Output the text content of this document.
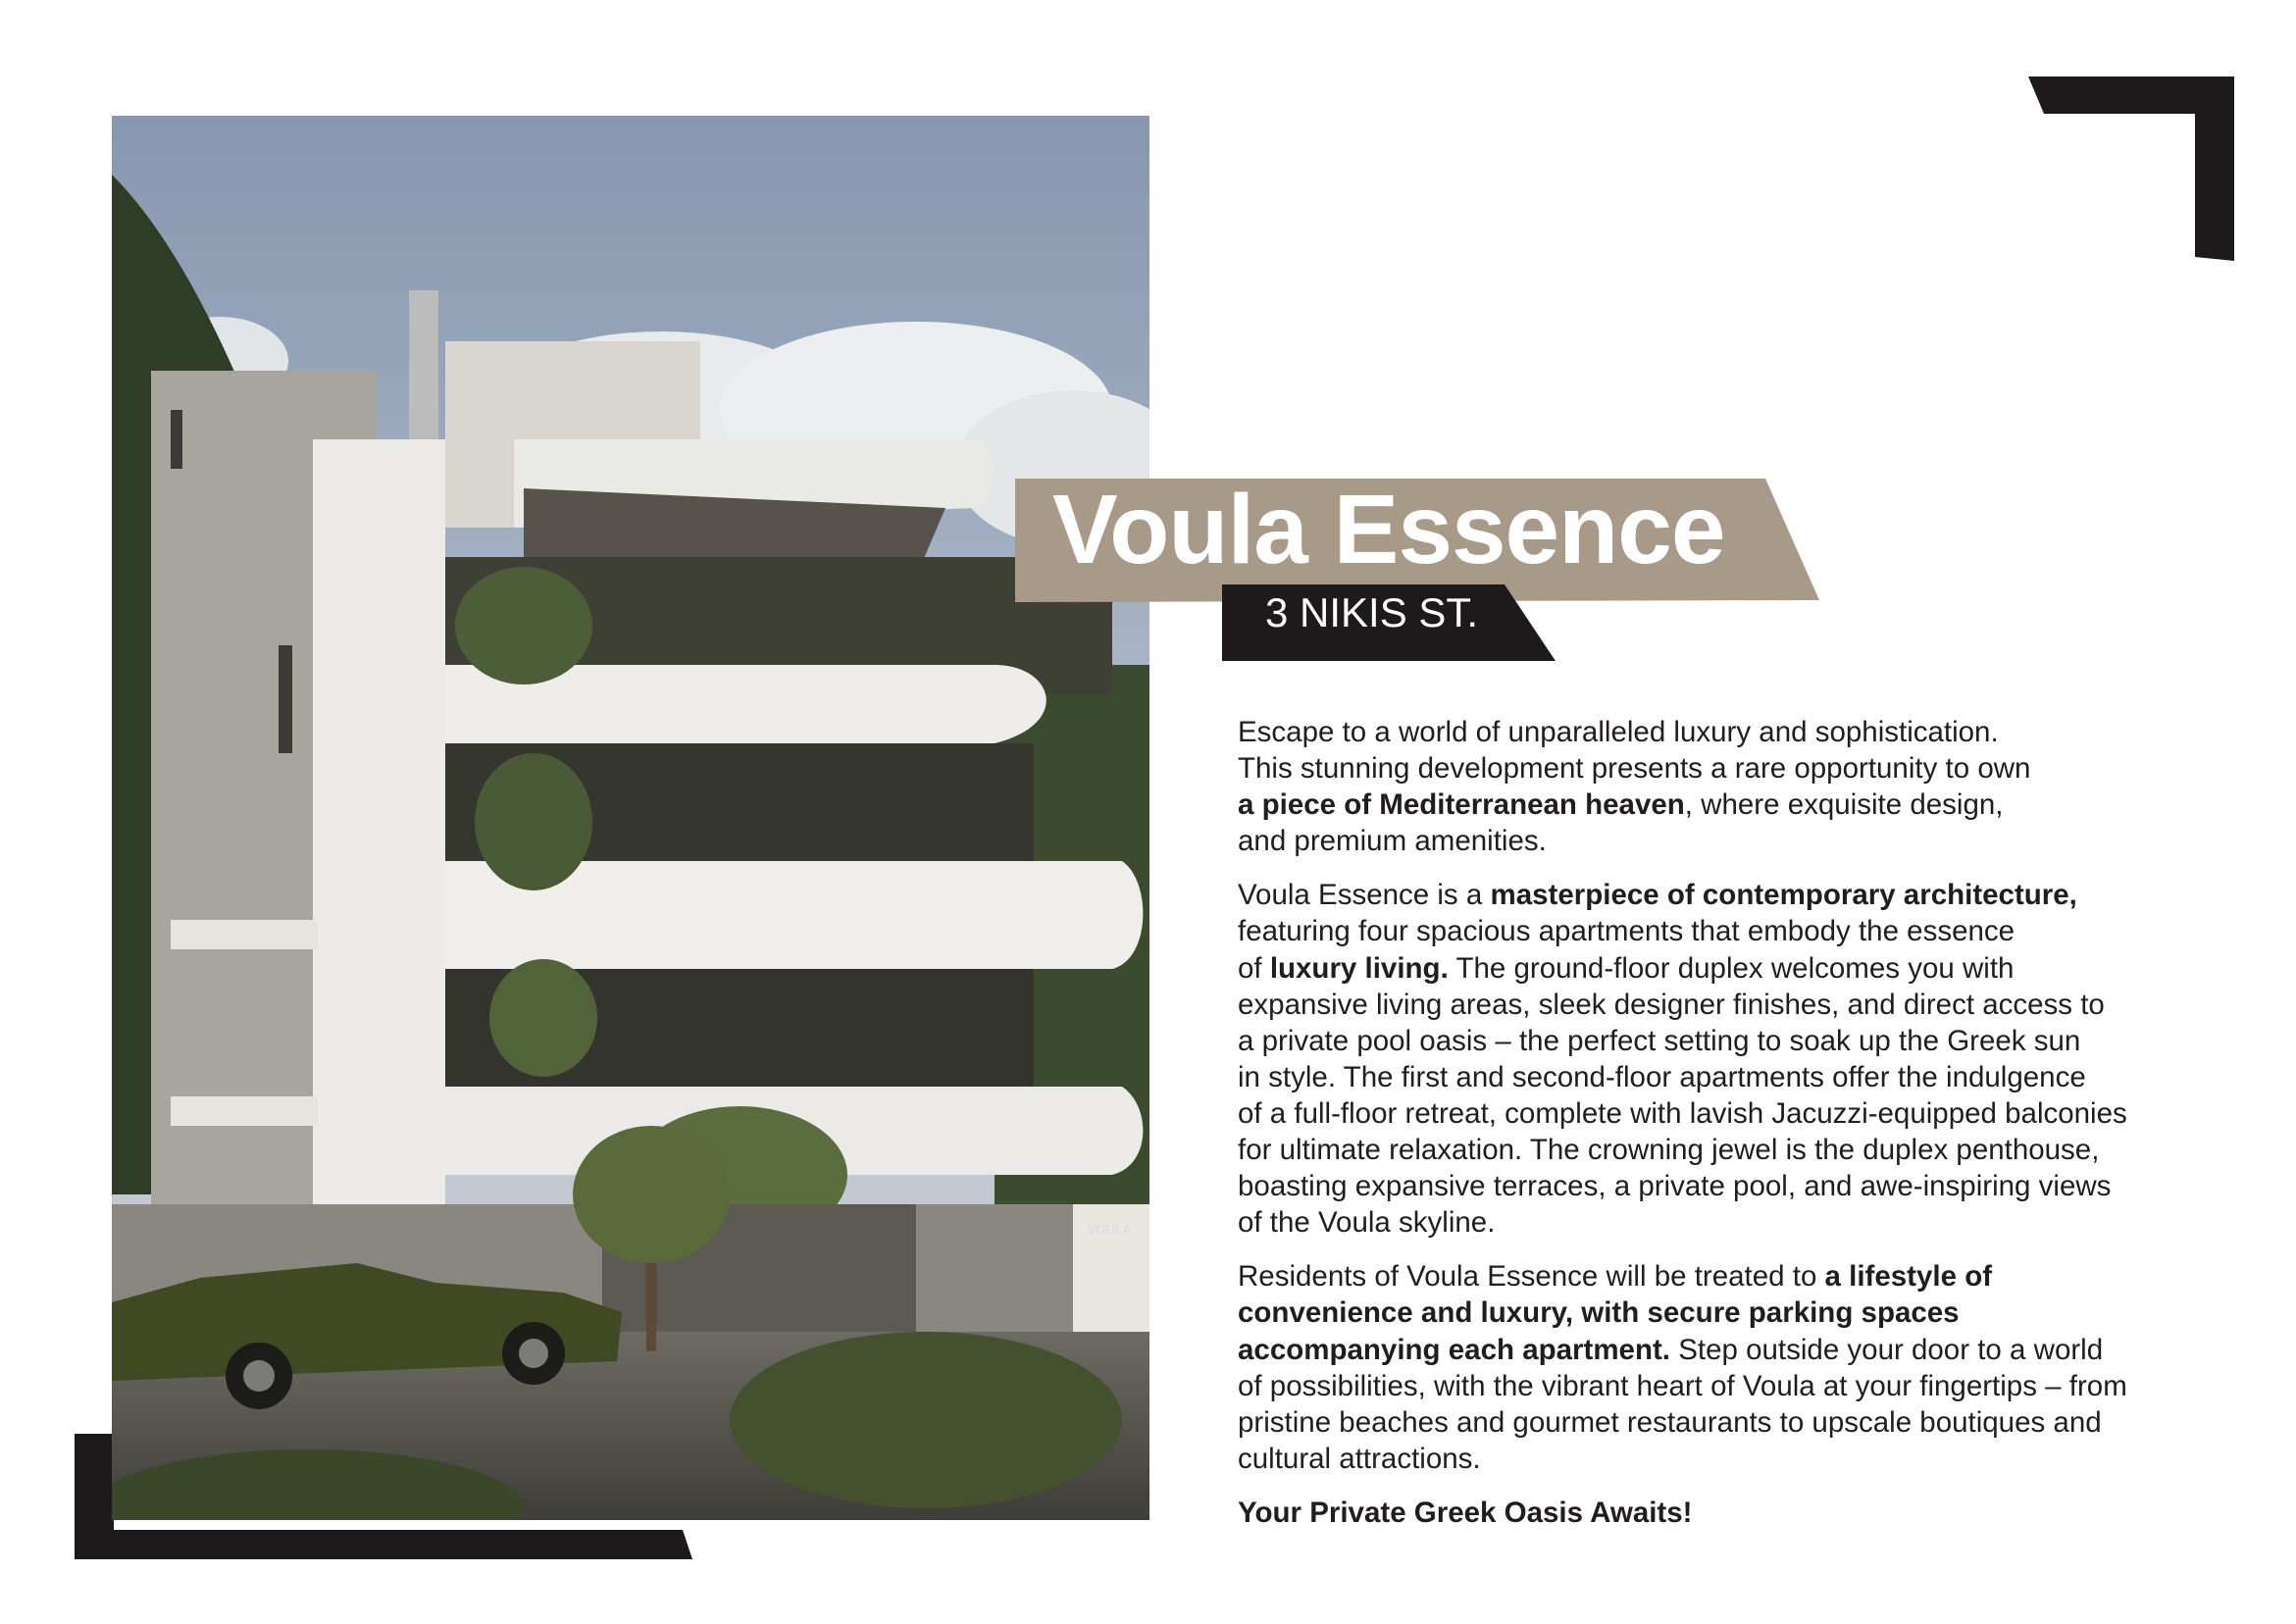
VOULA
Voula Essence
3 NIKIS ST.

Escape to a world of unparalleled luxury and sophistication.
This stunning development presents a rare opportunity to own
a piece of Mediterranean heaven, where exquisite design,
and premium amenities.

Voula Essence is a masterpiece of contemporary architecture,
featuring four spacious apartments that embody the essence
of luxury living. The ground-floor duplex welcomes you with
expansive living areas, sleek designer finishes, and direct access to
a private pool oasis – the perfect setting to soak up the Greek sun
in style. The first and second-floor apartments offer the indulgence
of a full-floor retreat, complete with lavish Jacuzzi-equipped balconies
for ultimate relaxation. The crowning jewel is the duplex penthouse,
boasting expansive terraces, a private pool, and awe-inspiring views
of the Voula skyline.

Residents of Voula Essence will be treated to a lifestyle of
convenience and luxury, with secure parking spaces
accompanying each apartment. Step outside your door to a world
of possibilities, with the vibrant heart of Voula at your fingertips – from
pristine beaches and gourmet restaurants to upscale boutiques and
cultural attractions.

Your Private Greek Oasis Awaits!
